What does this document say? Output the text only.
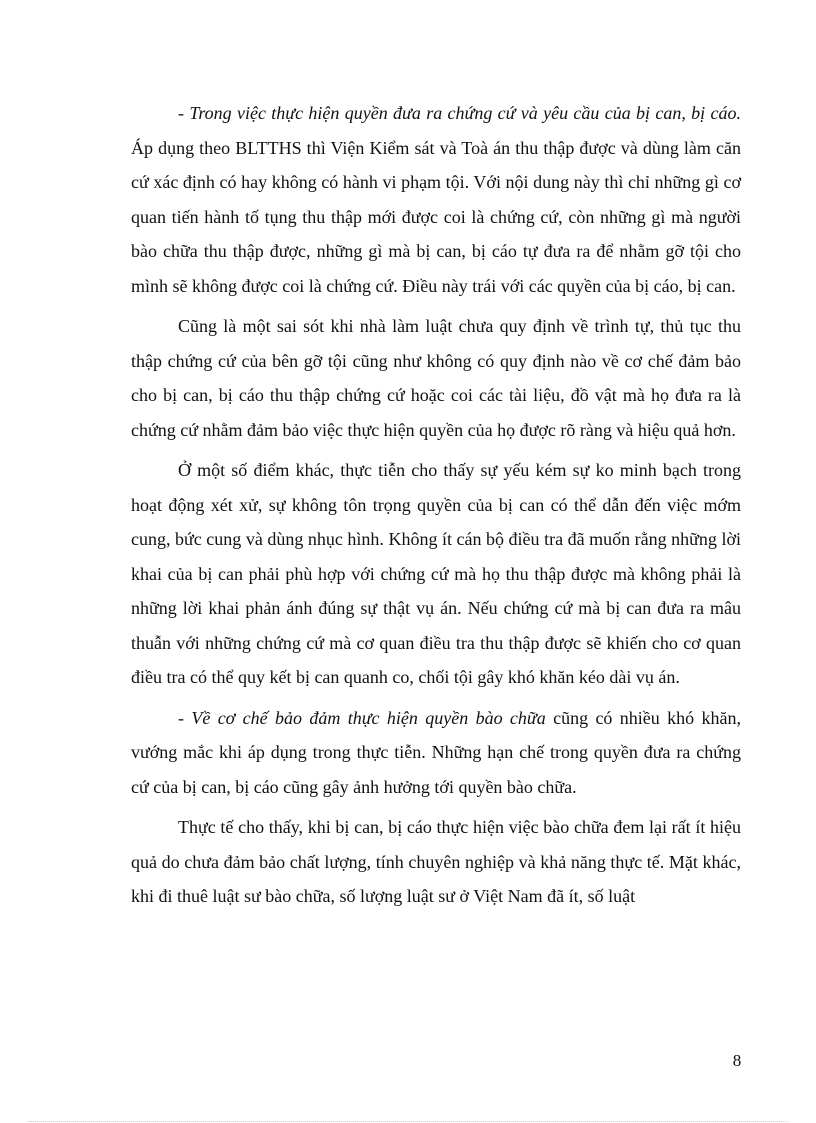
- Trong việc thực hiện quyền đưa ra chứng cứ và yêu cầu của bị can, bị cáo. Áp dụng theo BLTTHS thì Viện Kiểm sát và Toà án thu thập được và dùng làm căn cứ xác định có hay không có hành vi phạm tội. Với nội dung này thì chỉ những gì cơ quan tiến hành tố tụng thu thập mới được coi là chứng cứ, còn những gì mà người bào chữa thu thập được, những gì mà bị can, bị cáo tự đưa ra để nhằm gỡ tội cho mình sẽ không được coi là chứng cứ. Điều này trái với các quyền của bị cáo, bị can.

Cũng là một sai sót khi nhà làm luật chưa quy định về trình tự, thủ tục thu thập chứng cứ của bên gỡ tội cũng như không có quy định nào về cơ chế đảm bảo cho bị can, bị cáo thu thập chứng cứ hoặc coi các tài liệu, đồ vật mà họ đưa ra là chứng cứ nhằm đảm bảo việc thực hiện quyền của họ được rõ ràng và hiệu quả hơn.

Ở một số điểm khác, thực tiễn cho thấy sự yếu kém sự ko minh bạch trong hoạt động xét xử, sự không tôn trọng quyền của bị can có thể dẫn đến việc mớm cung, bức cung và dùng nhục hình. Không ít cán bộ điều tra đã muốn rằng những lời khai của bị can phải phù hợp với chứng cứ mà họ thu thập được mà không phải là những lời khai phản ánh đúng sự thật vụ án. Nếu chứng cứ mà bị can đưa ra mâu thuẫn với những chứng cứ mà cơ quan điều tra thu thập được sẽ khiến cho cơ quan điều tra có thể quy kết bị can quanh co, chối tội gây khó khăn kéo dài vụ án.

- Về cơ chế bảo đảm thực hiện quyền bào chữa cũng có nhiều khó khăn, vướng mắc khi áp dụng trong thực tiễn. Những hạn chế trong quyền đưa ra chứng cứ của bị can, bị cáo cũng gây ảnh hưởng tới quyền bào chữa.

Thực tế cho thấy, khi bị can, bị cáo thực hiện việc bào chữa đem lại rất ít hiệu quả do chưa đảm bảo chất lượng, tính chuyên nghiệp và khả năng thực tế. Mặt khác, khi đi thuê luật sư bào chữa, số lượng luật sư ở Việt Nam đã ít, số luật

8
